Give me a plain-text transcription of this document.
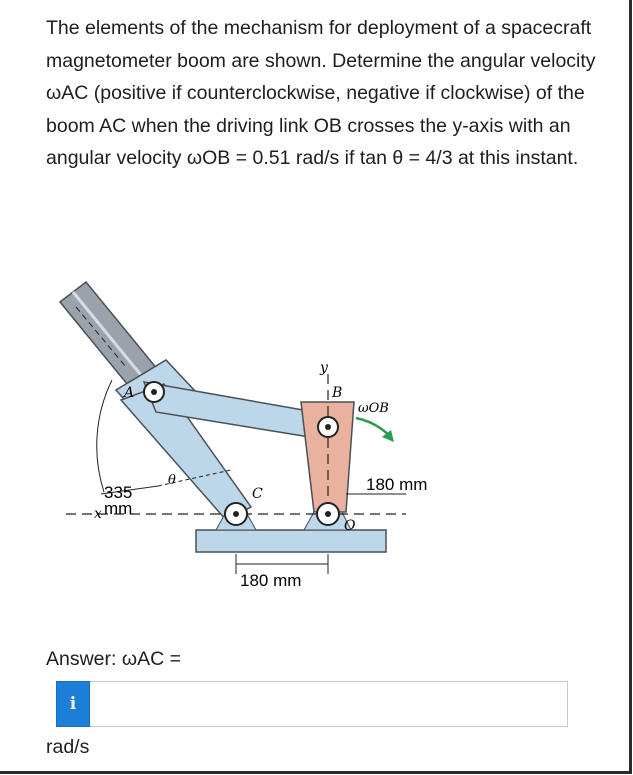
The elements of the mechanism for deployment of a spacecraft magnetometer boom are shown. Determine the angular velocity ωAC (positive if counterclockwise, negative if clockwise) of the boom AC when the driving link OB crosses the y-axis with an angular velocity ωOB = 0.51 rad/s if tan θ = 4/3 at this instant.
A	B
C
O
y
x
θ
ωOB
335
mm
180 mm
180 mm
Answer: ωAC =
i
rad/s
